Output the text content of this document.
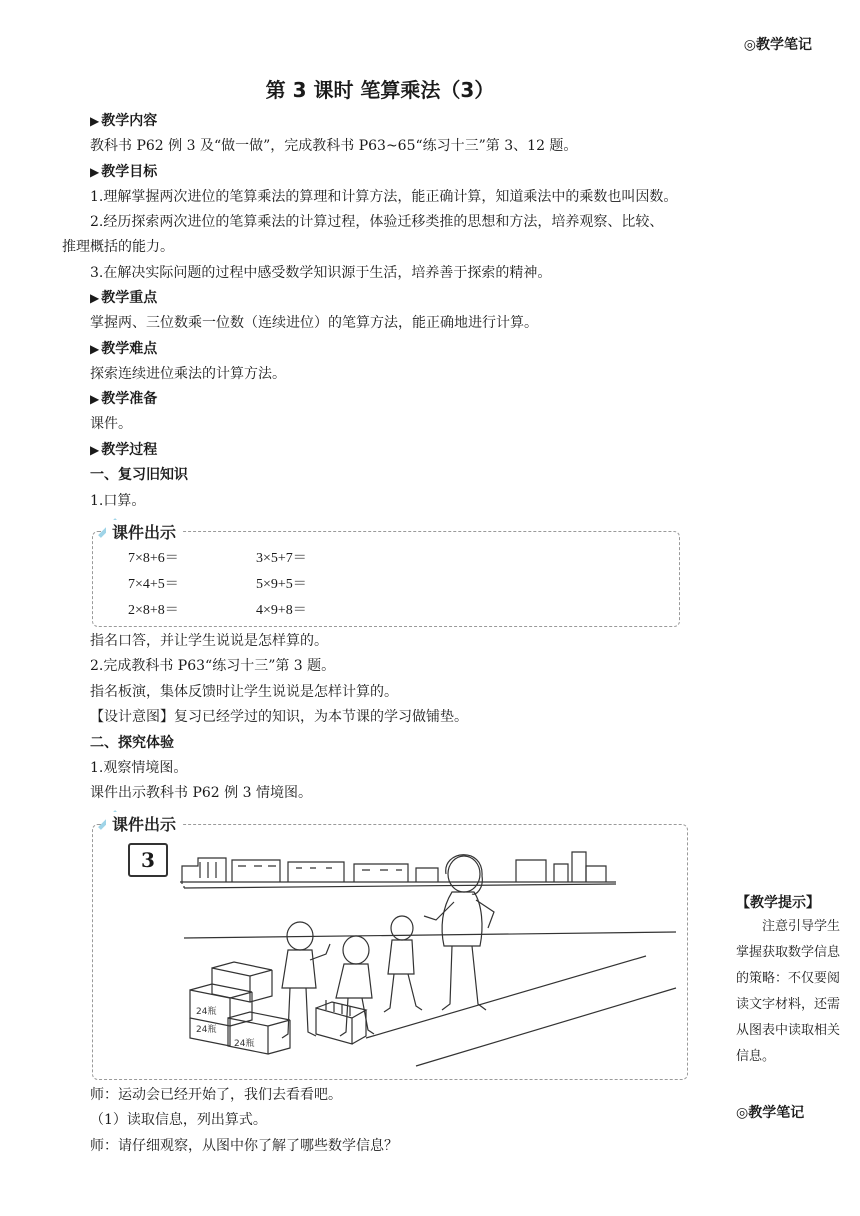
◎教学笔记
第 3 课时 笔算乘法（3）
▶ 教学内容
教科书 P62 例 3 及“做一做”，完成教科书 P63~65“练习十三”第 3、12 题。
▶ 教学目标
1.理解掌握两次进位的笔算乘法的算理和计算方法，能正确计算，知道乘法中的乘数也叫因数。
2.经历探索两次进位的笔算乘法的计算过程，体验迁移类推的思想和方法，培养观察、比较、
推理概括的能力。
3.在解决实际问题的过程中感受数学知识源于生活，培养善于探索的精神。
▶ 教学重点
掌握两、三位数乘一位数（连续进位）的笔算方法，能正确地进行计算。
▶ 教学难点
探索连续进位乘法的计算方法。
▶ 教学准备
课件。
▶ 教学过程
一、复习旧知识
1.口算。
课件出示
7×8+6＝	3×5+7＝
7×4+5＝	5×9+5＝
2×8+8＝	4×9+8＝
指名口答，并让学生说说是怎样算的。
2.完成教科书 P63“练习十三”第 3 题。
指名板演，集体反馈时让学生说说是怎样计算的。
【设计意图】复习已经学过的知识，为本节课的学习做铺垫。
二、探究体验
1.观察情境图。
课件出示教科书 P62 例 3 情境图。
课件出示
3
24瓶
24瓶
24瓶
【教学提示】
注意引导学生掌握获取数学信息的策略：不仅要阅读文字材料，还需从图表中读取相关信息。
◎教学笔记
师：运动会已经开始了，我们去看看吧。
（1）读取信息，列出算式。
师：请仔细观察，从图中你了解了哪些数学信息？
